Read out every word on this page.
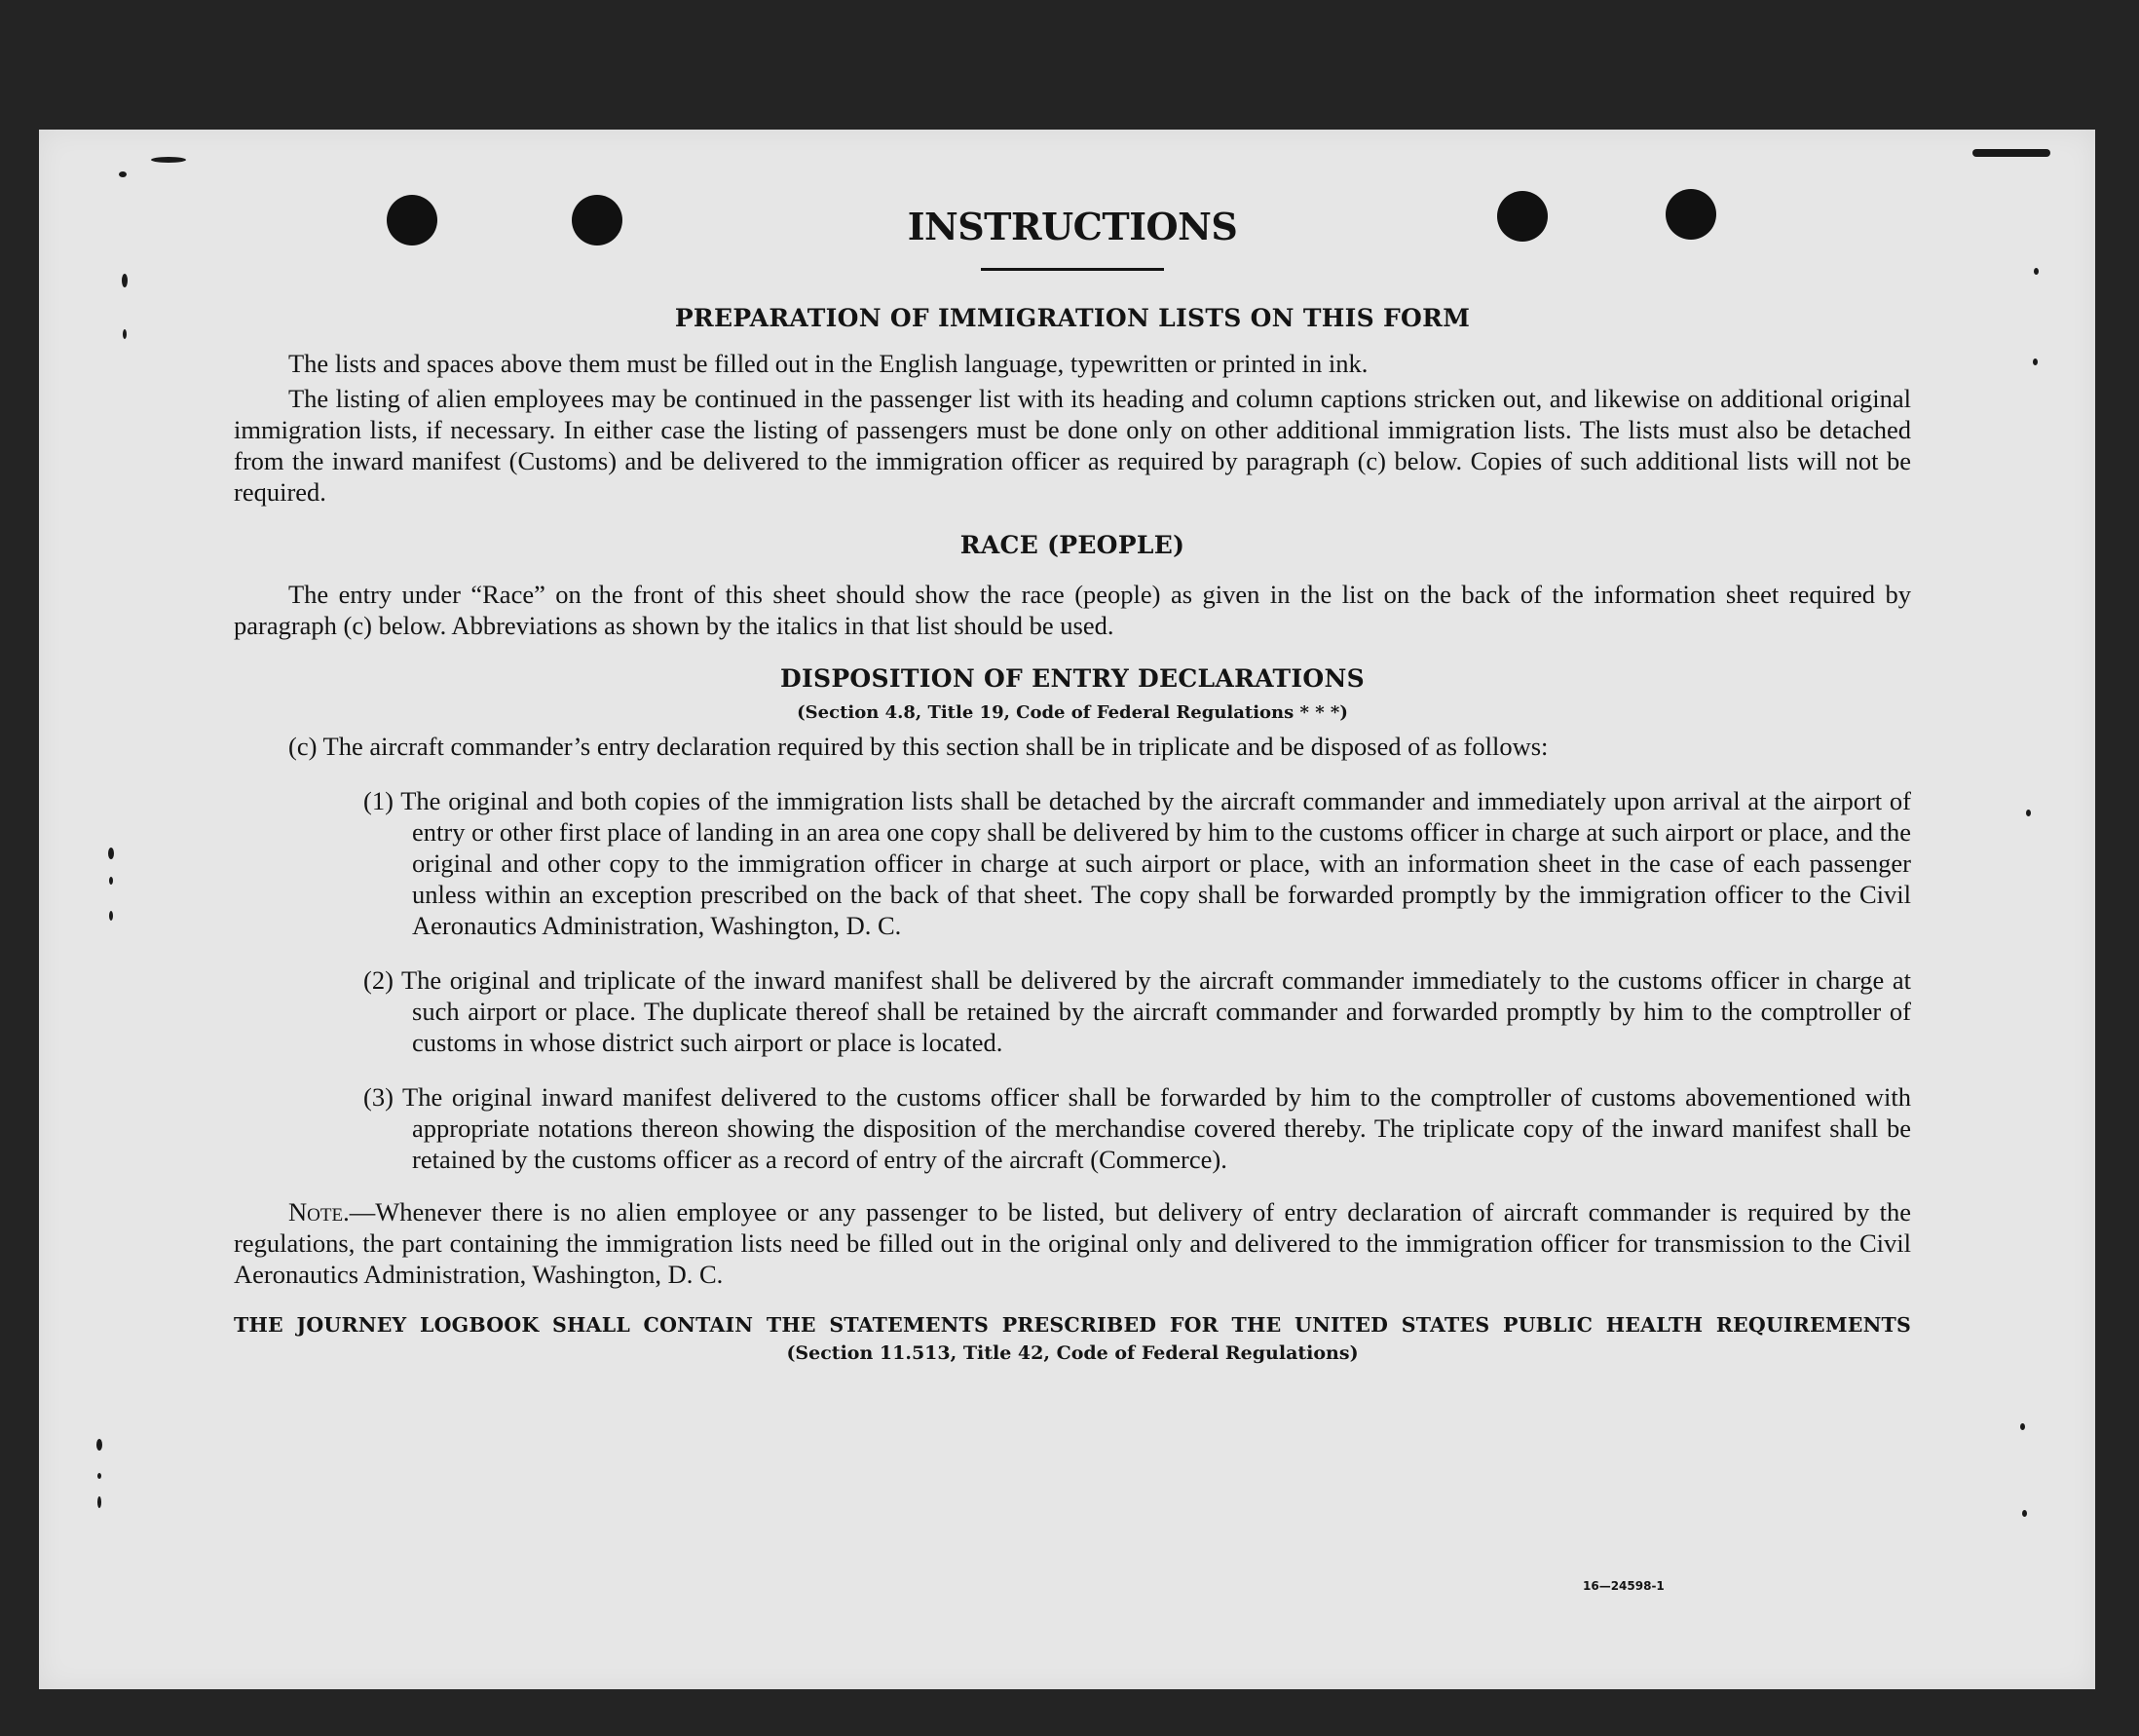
16—24598-1
INSTRUCTIONS
PREPARATION OF IMMIGRATION LISTS ON THIS FORM

The lists and spaces above them must be filled out in the English language, typewritten or printed in ink.

The listing of alien employees may be continued in the passenger list with its heading and column captions stricken out, and likewise on additional original immigration lists, if necessary. In either case the listing of passengers must be done only on other additional immigration lists. The lists must also be detached from the inward manifest (Customs) and be delivered to the immigration officer as required by paragraph (c) below. Copies of such additional lists will not be required.

RACE (PEOPLE)

The entry under “Race” on the front of this sheet should show the race (people) as given in the list on the back of the information sheet required by paragraph (c) below. Abbreviations as shown by the italics in that list should be used.

DISPOSITION OF ENTRY DECLARATIONS
(Section 4.8, Title 19, Code of Federal Regulations * * *)

(c) The aircraft commander’s entry declaration required by this section shall be in triplicate and be disposed of as follows:

(1) The original and both copies of the immigration lists shall be detached by the aircraft commander and immediately upon arrival at the airport of entry or other first place of landing in an area one copy shall be delivered by him to the customs officer in charge at such airport or place, and the original and other copy to the immigration officer in charge at such airport or place, with an information sheet in the case of each passenger unless within an exception prescribed on the back of that sheet. The copy shall be forwarded promptly by the immigration officer to the Civil Aeronautics Administration, Washington, D. C.
(2) The original and triplicate of the inward manifest shall be delivered by the aircraft commander immediately to the customs officer in charge at such airport or place. The duplicate thereof shall be retained by the aircraft commander and forwarded promptly by him to the comptroller of customs in whose district such airport or place is located.
(3) The original inward manifest delivered to the customs officer shall be forwarded by him to the comptroller of customs abovementioned with appropriate notations thereon showing the disposition of the merchandise covered thereby. The triplicate copy of the inward manifest shall be retained by the customs officer as a record of entry of the aircraft (Commerce).

Note.—Whenever there is no alien employee or any passenger to be listed, but delivery of entry declaration of aircraft commander is required by the regulations, the part containing the immigration lists need be filled out in the original only and delivered to the immigration officer for transmission to the Civil Aeronautics Administration, Washington, D. C.

THE JOURNEY LOGBOOK SHALL CONTAIN THE STATEMENTS PRESCRIBED FOR THE UNITED STATES PUBLIC HEALTH REQUIREMENTS
(Section 11.513, Title 42, Code of Federal Regulations)
